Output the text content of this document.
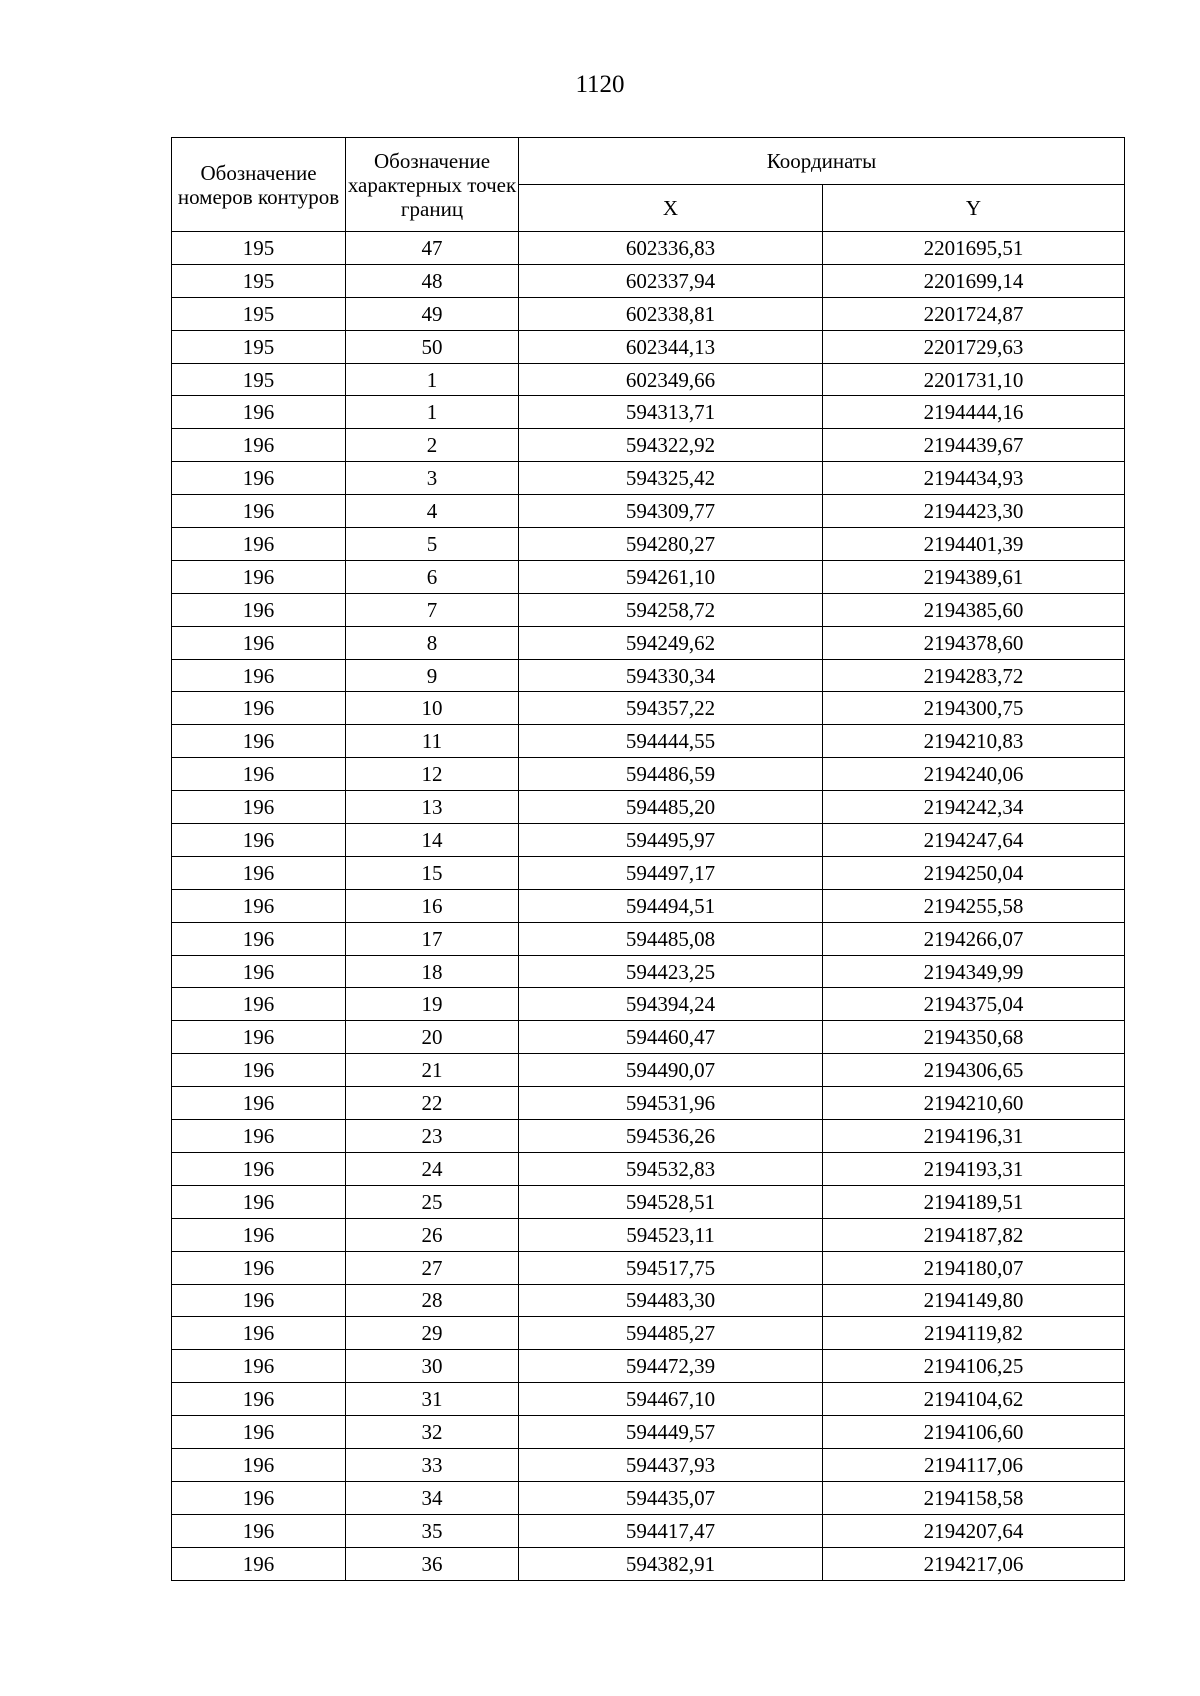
1120
Обозначение номеров контуров	Обозначение характерных точек границ	Координаты	
		X	Y
195	47	602336,83	2201695,51
195	48	602337,94	2201699,14
195	49	602338,81	2201724,87
195	50	602344,13	2201729,63
195	1	602349,66	2201731,10
196	1	594313,71	2194444,16
196	2	594322,92	2194439,67
196	3	594325,42	2194434,93
196	4	594309,77	2194423,30
196	5	594280,27	2194401,39
196	6	594261,10	2194389,61
196	7	594258,72	2194385,60
196	8	594249,62	2194378,60
196	9	594330,34	2194283,72
196	10	594357,22	2194300,75
196	11	594444,55	2194210,83
196	12	594486,59	2194240,06
196	13	594485,20	2194242,34
196	14	594495,97	2194247,64
196	15	594497,17	2194250,04
196	16	594494,51	2194255,58
196	17	594485,08	2194266,07
196	18	594423,25	2194349,99
196	19	594394,24	2194375,04
196	20	594460,47	2194350,68
196	21	594490,07	2194306,65
196	22	594531,96	2194210,60
196	23	594536,26	2194196,31
196	24	594532,83	2194193,31
196	25	594528,51	2194189,51
196	26	594523,11	2194187,82
196	27	594517,75	2194180,07
196	28	594483,30	2194149,80
196	29	594485,27	2194119,82
196	30	594472,39	2194106,25
196	31	594467,10	2194104,62
196	32	594449,57	2194106,60
196	33	594437,93	2194117,06
196	34	594435,07	2194158,58
196	35	594417,47	2194207,64
196	36	594382,91	2194217,06
